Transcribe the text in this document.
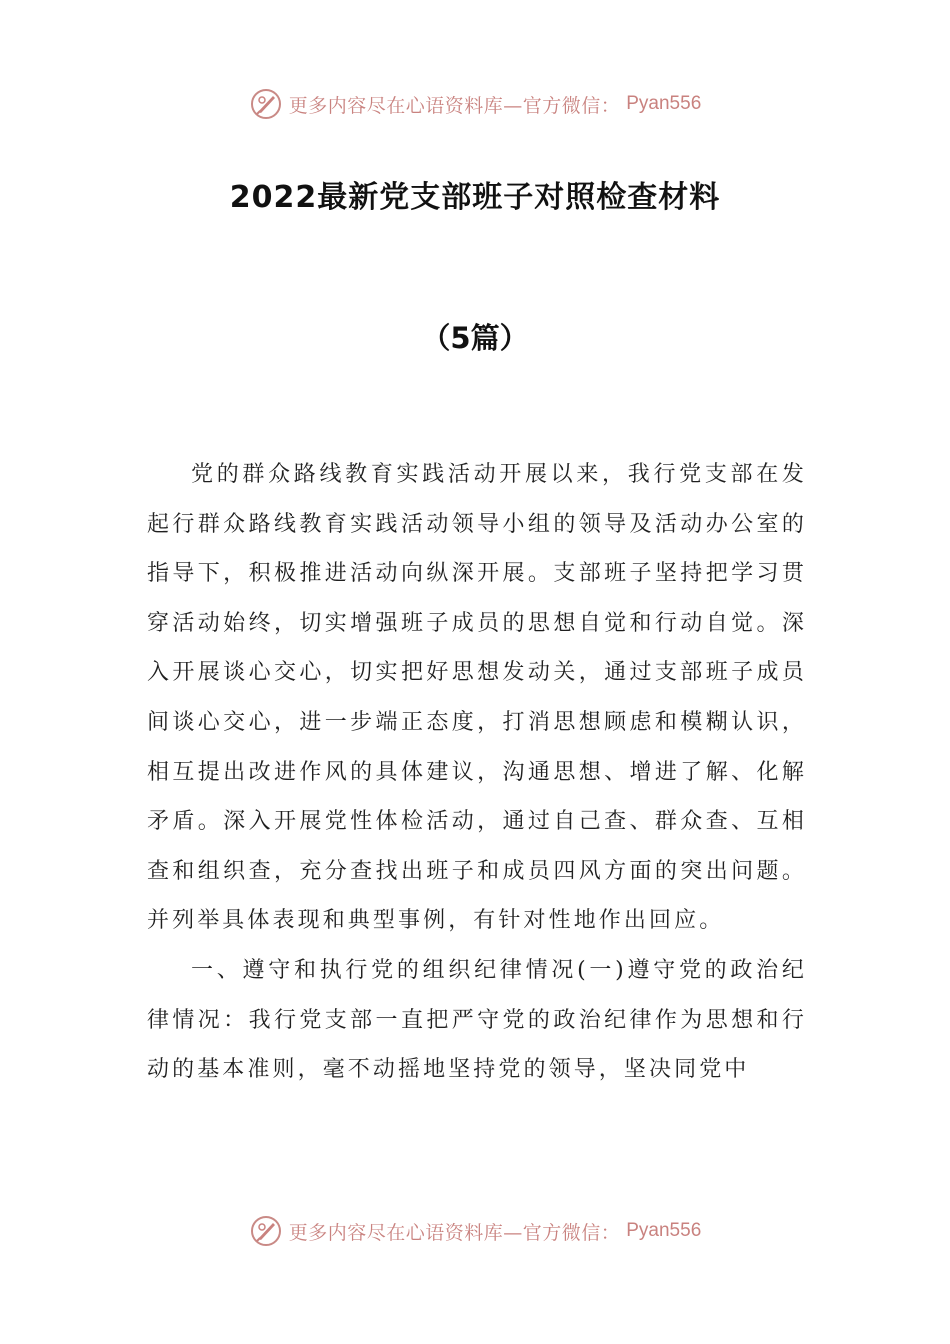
更多内容尽在心语资料库—官方微信： Pyan556
2022最新党支部班子对照检查材料
（5篇）

党的群众路线教育实践活动开展以来，我行党支部在发起行群众路线教育实践活动领导小组的领导及活动办公室的指导下，积极推进活动向纵深开展。支部班子坚持把学习贯穿活动始终，切实增强班子成员的思想自觉和行动自觉。深入开展谈心交心，切实把好思想发动关，通过支部班子成员间谈心交心，进一步端正态度，打消思想顾虑和模糊认识，相互提出改进作风的具体建议，沟通思想、增进了解、化解矛盾。深入开展党性体检活动，通过自己查、群众查、互相查和组织查，充分查找出班子和成员四风方面的突出问题。并列举具体表现和典型事例，有针对性地作出回应。

一、遵守和执行党的组织纪律情况(一)遵守党的政治纪律情况：我行党支部一直把严守党的政治纪律作为思想和行动的基本准则，毫不动摇地坚持党的领导，坚决同党中

更多内容尽在心语资料库—官方微信： Pyan556
